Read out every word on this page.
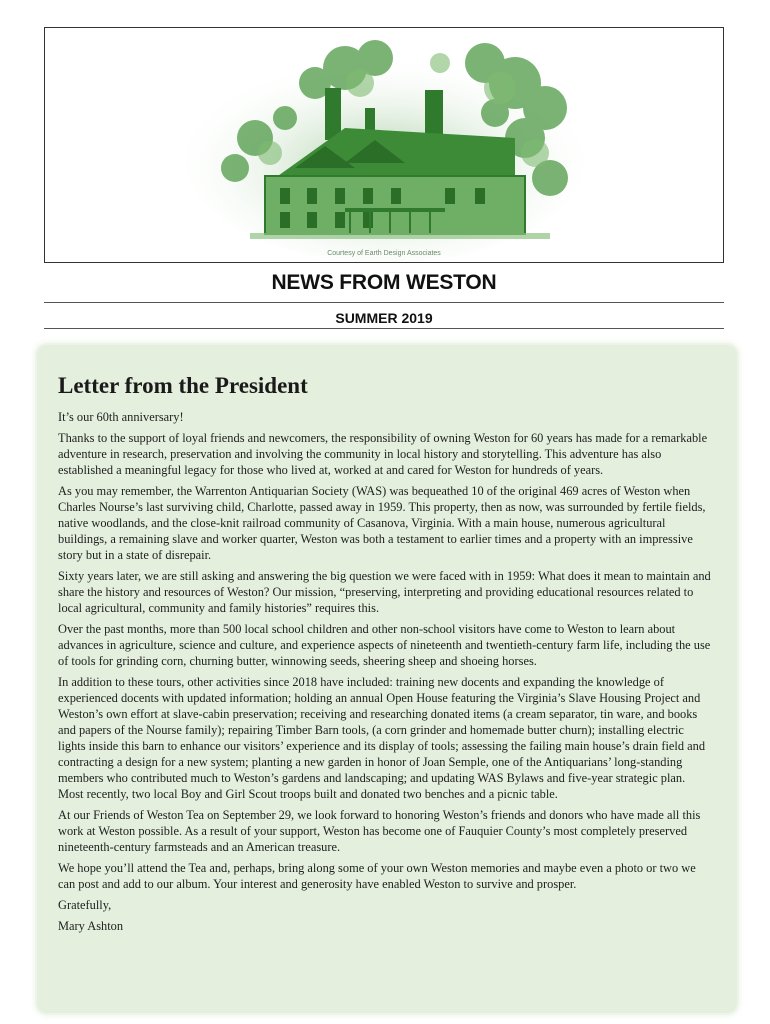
Courtesy of Earth Design Associates
NEWS FROM WESTON
SUMMER 2019
Letter from the President

It’s our 60th anniversary!

Thanks to the support of loyal friends and newcomers, the responsibility of owning Weston for 60 years has made for a remarkable adventure in research, preservation and involving the community in local history and storytelling. This adventure has also established a meaningful legacy for those who lived at, worked at and cared for Weston for hundreds of years.

As you may remember, the Warrenton Antiquarian Society (WAS) was bequeathed 10 of the original 469 acres of Weston when Charles Nourse’s last surviving child, Charlotte, passed away in 1959. This property, then as now, was surrounded by fertile fields, native woodlands, and the close-knit railroad community of Casanova, Virginia. With a main house, numerous agricultural buildings, a remaining slave and worker quarter, Weston was both a testament to earlier times and a property with an impressive story but in a state of disrepair.

Sixty years later, we are still asking and answering the big question we were faced with in 1959: What does it mean to maintain and share the history and resources of Weston? Our mission, “preserving, interpreting and providing educational resources related to local agricultural, community and family histories” requires this.

Over the past months, more than 500 local school children and other non-school visitors have come to Weston to learn about advances in agriculture, science and culture, and experience aspects of nineteenth and twentieth-century farm life, including the use of tools for grinding corn, churning butter, winnowing seeds, sheering sheep and shoeing horses.

In addition to these tours, other activities since 2018 have included: training new docents and expanding the knowledge of experienced docents with updated information; holding an annual Open House featuring the Virginia’s Slave Housing Project and Weston’s own effort at slave-cabin preservation; receiving and researching donated items (a cream separator, tin ware, and books and papers of the Nourse family); repairing Timber Barn tools, (a corn grinder and homemade butter churn); installing electric lights inside this barn to enhance our visitors’ experience and its display of tools; assessing the failing main house’s drain field and contracting a design for a new system; planting a new garden in honor of Joan Semple, one of the Antiquarians’ long-standing members who contributed much to Weston’s gardens and landscaping; and updating WAS Bylaws and five-year strategic plan. Most recently, two local Boy and Girl Scout troops built and donated two benches and a picnic table.

At our Friends of Weston Tea on September 29, we look forward to honoring Weston’s friends and donors who have made all this work at Weston possible. As a result of your support, Weston has become one of Fauquier County’s most completely preserved nineteenth-century farmsteads and an American treasure.

We hope you’ll attend the Tea and, perhaps, bring along some of your own Weston memories and maybe even a photo or two we can post and add to our album. Your interest and generosity have enabled Weston to survive and prosper.

Gratefully,

Mary Ashton
